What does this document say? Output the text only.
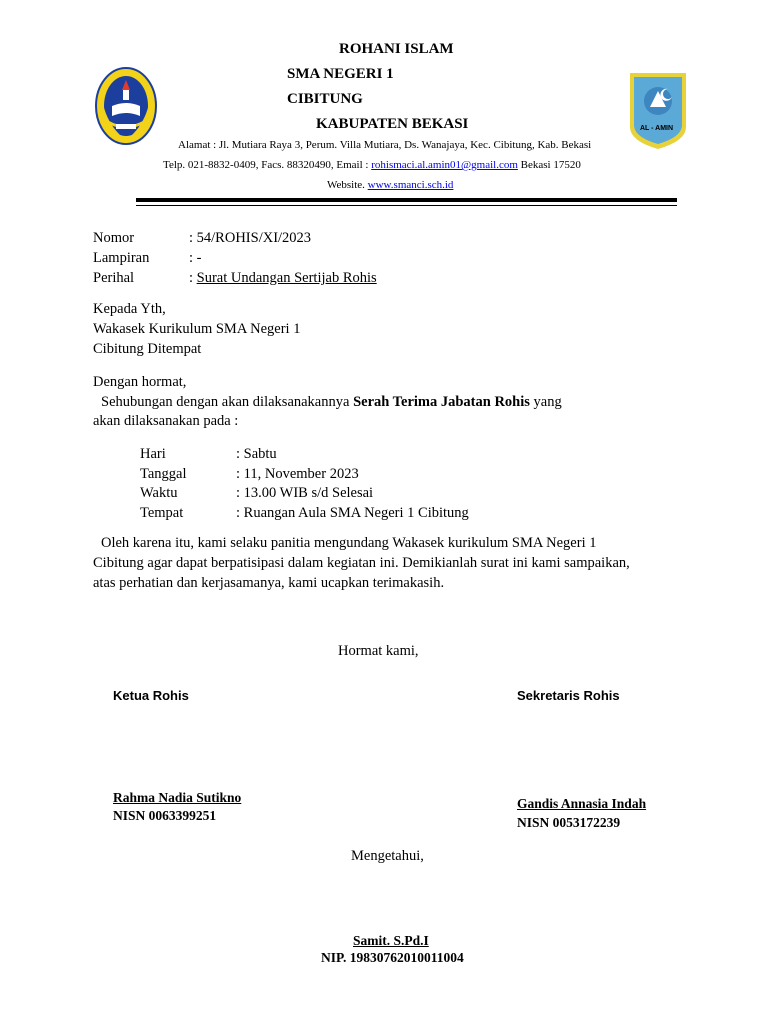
AL - AMIN
ROHANI ISLAM
SMA NEGERI 1
CIBITUNG
KABUPATEN BEKASI
Alamat : Jl. Mutiara Raya 3, Perum. Villa Mutiara, Ds. Wanajaya, Kec. Cibitung, Kab. Bekasi
Telp. 021-8832-0409, Facs. 88320490, Email : rohismaci.al.amin01@gmail.com Bekasi 17520
Website. www.smanci.sch.id
Nomor	: 54/ROHIS/XI/2023
Lampiran	: -
Perihal	: Surat Undangan Sertijab Rohis
Kepada Yth,
Wakasek Kurikulum SMA Negeri 1
Cibitung Ditempat
Dengan hormat,
Sehubungan dengan akan dilaksanakannya Serah Terima Jabatan Rohis yang
akan dilaksanakan pada :
Hari	: Sabtu
Tanggal	: 11, November 2023
Waktu	: 13.00 WIB s/d Selesai
Tempat	: Ruangan Aula SMA Negeri 1 Cibitung
Oleh karena itu, kami selaku panitia mengundang Wakasek kurikulum SMA Negeri 1
Cibitung agar dapat berpatisipasi dalam kegiatan ini. Demikianlah surat ini kami sampaikan,
atas perhatian dan kerjasamanya, kami ucapkan terimakasih.
Hormat kami,
Ketua Rohis	Sekretaris Rohis
Rahma Nadia Sutikno
NISN 0063399251
Gandis Annasia Indah
NISN 0053172239
Mengetahui,
Samit. S.Pd.I
NIP. 19830762010011004
